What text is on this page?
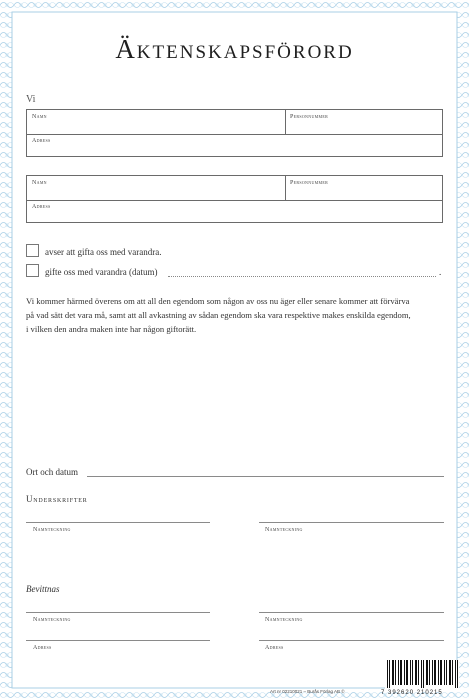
Äktenskapsförord
Vi
Namn	Personnummer
Adress
Namn	Personnummer
Adress
avser att gifta oss med varandra.
gifte oss med varandra (datum)	.
Vi kommer härmed överens om att all den egendom som någon av oss nu äger eller senare kommer att förvärva
på vad sätt det vara må, samt att all avkastning av sådan egendom ska vara respektive makes enskilda egendom,
i vilken den andra maken inte har någon giftorätt.
Ort och datum
Underskrifter
Namnteckning	Namnteckning
Bevittnas
Namnteckning	Namnteckning
Adress	Adress
Art nr 02210021 – Burås Förlag AB ©	7 392620 210215
